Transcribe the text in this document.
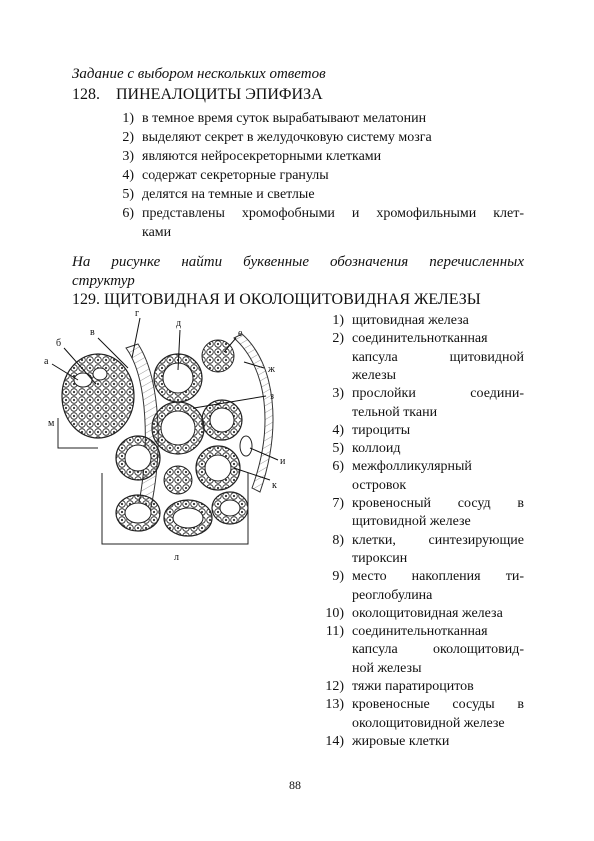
Задание с выбором нескольких ответов
128. ПИНЕАЛОЦИТЫ ЭПИФИЗА
1) в темное время суток вырабатывают мелатонин
2) выделяют секрет в желудочковую систему мозга
3) являются нейросекреторными клетками
4) содержат секреторные гранулы
5) делятся на темные и светлые
6) представлены хромофобными и хромофильными клет-
ками
На рисунке найти буквенные обозначения перечисленных
структур
129. ЩИТОВИДНАЯ И ОКОЛОЩИТОВИДНАЯ ЖЕЛЕЗЫ
1) щитовидная железа
2) соединительнотканная
капсула щитовидной
железы
3) прослойки соедини-
тельной ткани
4) тироциты
5) коллоид
6) межфолликулярный
островок
7) кровеносный сосуд в
щитовидной железе
8) клетки, синтезирующие
тироксин
9) место накопления ти-
реоглобулина
10) околощитовидная железа
11) соединительнотканная
капсула околощитовид-
ной железы
12) тяжи паратироцитов
13) кровеносные сосуды в
околощитовидной железе
14) жировые клетки
а
б
в
г
д
е
ж
з
и
к
л
м
88
